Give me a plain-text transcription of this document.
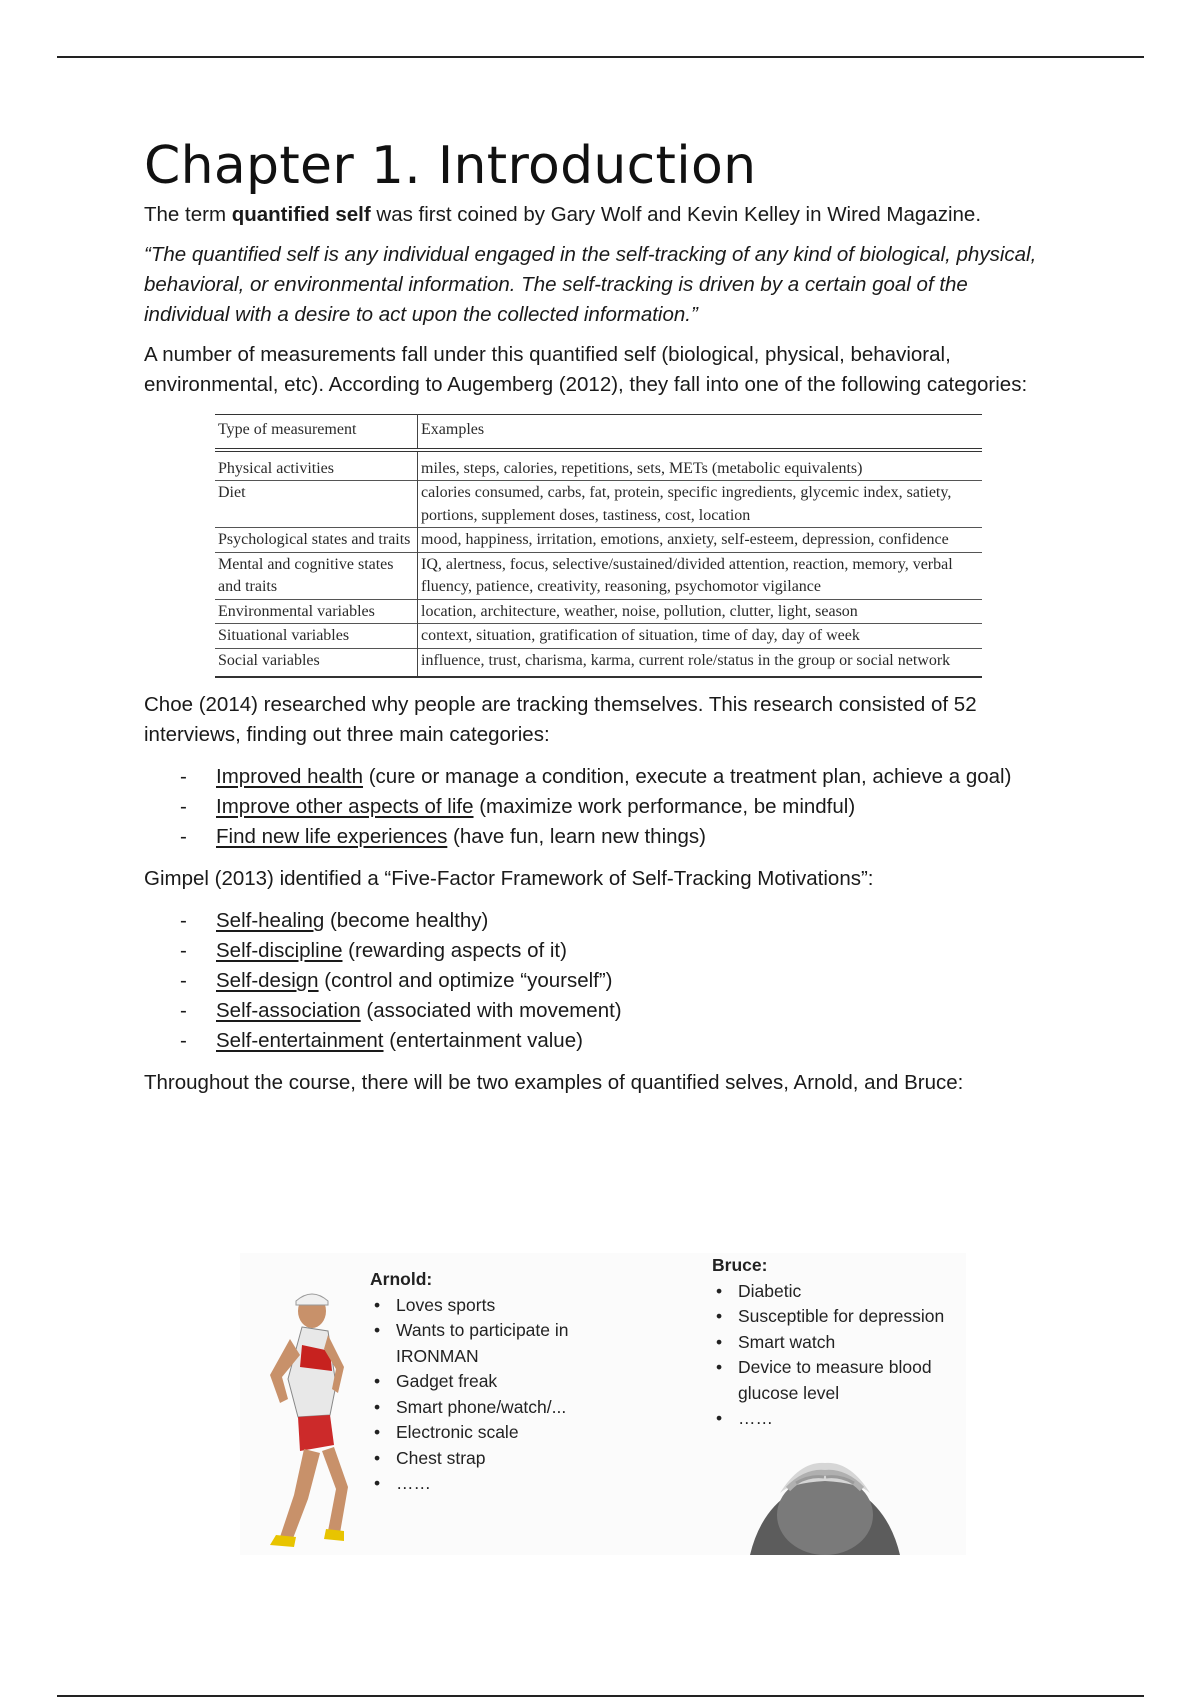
Chapter 1. Introduction

The term quantified self was first coined by Gary Wolf and Kevin Kelley in Wired Magazine.

“The quantified self is any individual engaged in the self-tracking of any kind of biological, physical, behavioral, or environmental information. The self-tracking is driven by a certain goal of the individual with a desire to act upon the collected information.”

A number of measurements fall under this quantified self (biological, physical, behavioral, environmental, etc). According to Augemberg (2012), they fall into one of the following categories:

Type of measurement	Examples
Physical activities	miles, steps, calories, repetitions, sets, METs (metabolic equivalents)
Diet	calories consumed, carbs, fat, protein, specific ingredients, glycemic index, satiety, portions, supplement doses, tastiness, cost, location
Psychological states and traits	mood, happiness, irritation, emotions, anxiety, self-esteem, depression, confidence
Mental and cognitive states and traits	IQ, alertness, focus, selective/sustained/divided attention, reaction, memory, verbal fluency, patience, creativity, reasoning, psychomotor vigilance
Environmental variables	location, architecture, weather, noise, pollution, clutter, light, season
Situational variables	context, situation, gratification of situation, time of day, day of week
Social variables	influence, trust, charisma, karma, current role/status in the group or social network

Choe (2014) researched why people are tracking themselves. This research consisted of 52 interviews, finding out three main categories:

- Improved health (cure or manage a condition, execute a treatment plan, achieve a goal)
- Improve other aspects of life (maximize work performance, be mindful)
- Find new life experiences (have fun, learn new things)

Gimpel (2013) identified a “Five-Factor Framework of Self-Tracking Motivations”:

- Self-healing (become healthy)
- Self-discipline (rewarding aspects of it)
- Self-design (control and optimize “yourself”)
- Self-association (associated with movement)
- Self-entertainment (entertainment value)

Throughout the course, there will be two examples of quantified selves, Arnold, and Bruce:

Arnold:
• Loves sports
• Wants to participate in IRONMAN
• Gadget freak
• Smart phone/watch/...
• Electronic scale
• Chest strap
• ……
Bruce:
• Diabetic
• Susceptible for depression
• Smart watch
• Device to measure blood glucose level
• ……
